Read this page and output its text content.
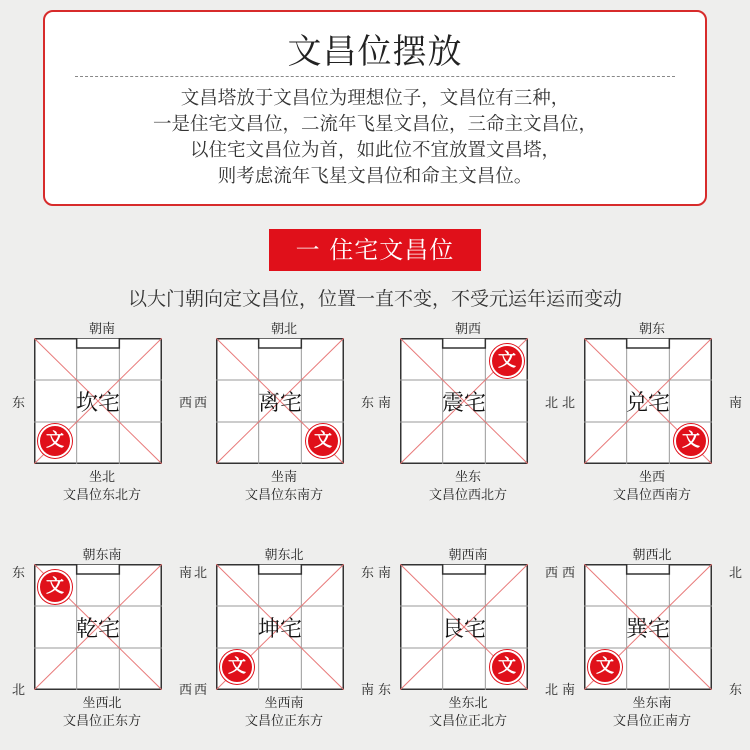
文昌位摆放
文昌塔放于文昌位为理想位子，文昌位有三种，
一是住宅文昌位，二流年飞星文昌位，三命主文昌位，
以住宅文昌位为首，如此位不宜放置文昌塔，
则考虑流年飞星文昌位和命主文昌位。
一 住宅文昌位
以大门朝向定文昌位，位置一直不变，不受元运年运而变动
朝南
坐北
文昌位东北方
东	西
坎宅
文
朝北
坐南
文昌位东南方
西	东
离宅
文
朝西
坐东
文昌位西北方
南	北
震宅
文
朝东
坐西
文昌位西南方
北	南
兑宅
文
朝东南
坐西北
文昌位正东方
东	南
北	西
乾宅
文
朝东北
坐西南
文昌位正东方
北	东
西	南
坤宅
文
朝西南
坐东北
文昌位正北方
南	西
东	北
艮宅
文
朝西北
坐东南
文昌位正南方
西	北
南	东
巽宅
文
